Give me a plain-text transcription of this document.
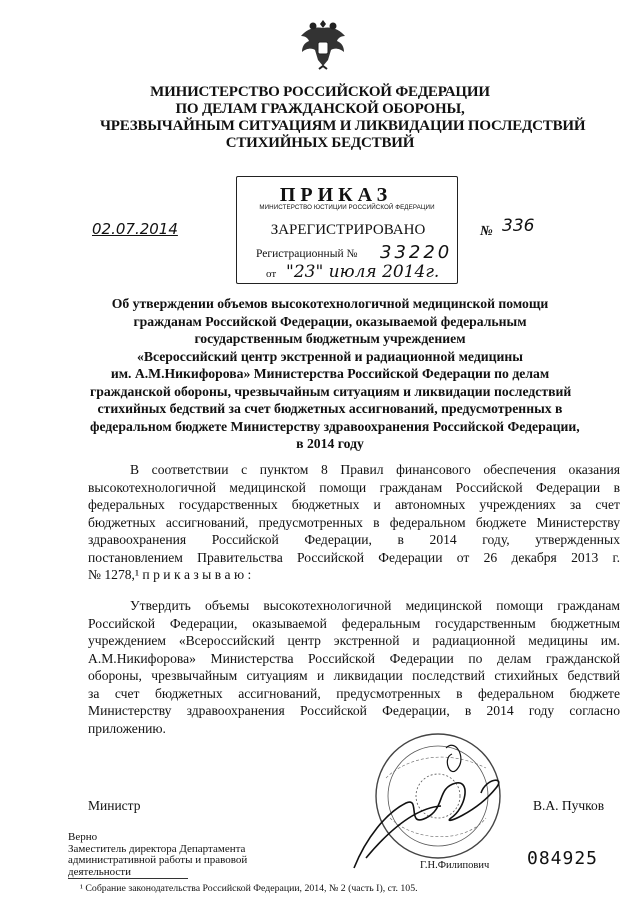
МИНИСТЕРСТВО РОССИЙСКОЙ ФЕДЕРАЦИИ
ПО ДЕЛАМ ГРАЖДАНСКОЙ ОБОРОНЫ,
ЧРЕЗВЫЧАЙНЫМ СИТУАЦИЯМ И ЛИКВИДАЦИИ ПОСЛЕДСТВИЙ
СТИХИЙНЫХ БЕДСТВИЙ
ПРИКАЗ
МИНИСТЕРСТВО ЮСТИЦИИ РОССИЙСКОЙ ФЕДЕРАЦИИ
ЗАРЕГИСТРИРОВАНО
Регистрационный № 33220
от "23" июля 2014г.
02.07.2014	№ 336
Об утверждении объемов высокотехнологичной медицинской помощи
гражданам Российской Федерации, оказываемой федеральным
государственным бюджетным учреждением
«Всероссийский центр экстренной и радиационной медицины
им. А.М.Никифорова» Министерства Российской Федерации по делам
гражданской обороны, чрезвычайным ситуациям и ликвидации последствий
стихийных бедствий за счет бюджетных ассигнований, предусмотренных в
федеральном бюджете Министерству здравоохранения Российской Федерации,
в 2014 году
В соответствии с пунктом 8 Правил финансового обеспечения оказания
высокотехнологичной медицинской помощи гражданам Российской Федерации в
федеральных государственных бюджетных и автономных учреждениях за счет
бюджетных ассигнований, предусмотренных в федеральном бюджете Министерству
здравоохранения Российской Федерации, в 2014 году, утвержденных
постановлением Правительства Российской Федерации от 26 декабря 2013 г.
№ 1278,¹ п р и к а з ы в а ю :
Утвердить объемы высокотехнологичной медицинской помощи гражданам
Российской Федерации, оказываемой федеральным государственным бюджетным
учреждением «Всероссийский центр экстренной и радиационной медицины им.
А.М.Никифорова» Министерства Российской Федерации по делам гражданской
обороны, чрезвычайным ситуациям и ликвидации последствий стихийных бедствий
за счет бюджетных ассигнований, предусмотренных в федеральном бюджете
Министерству здравоохранения Российской Федерации, в 2014 году согласно
приложению.
Министр	В.А. Пучков
Верно
Заместитель директора Департамента
административной работы и правовой
деятельности	Г.Н.Филипович 084925
¹ Собрание законодательства Российской Федерации, 2014, № 2 (часть I), ст. 105.
